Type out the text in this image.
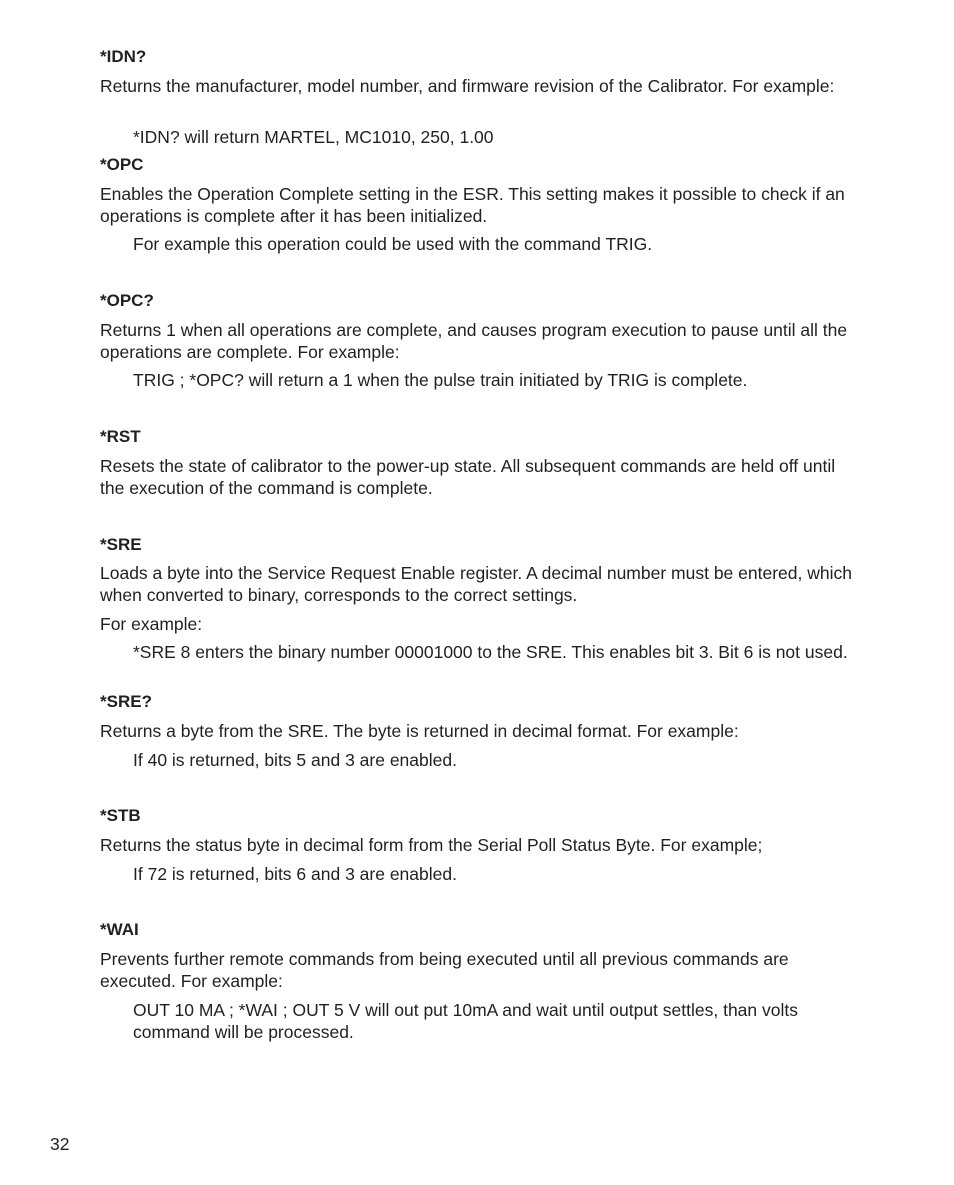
*IDN?
Returns the manufacturer, model number, and firmware revision of the Calibrator. For example:
*IDN? will return MARTEL, MC1010, 250, 1.00
*OPC
Enables the Operation Complete setting in the ESR. This setting makes it possible to check if an operations is complete after it has been initialized.
For example this operation could be used with the command TRIG.
*OPC?
Returns 1 when all operations are complete, and causes program execution to pause until all the operations are complete. For example:
TRIG ; *OPC? will return a 1 when the pulse train initiated by TRIG is complete.
*RST
Resets the state of calibrator to the power-up state. All subsequent commands are held off until the execution of the command is complete.
*SRE
Loads a byte into the Service Request Enable register. A decimal number must be entered, which when converted to binary, corresponds to the correct settings.
For example:
*SRE 8 enters the binary number 00001000 to the SRE. This enables bit 3. Bit 6 is not used.
*SRE?
Returns a byte from the SRE. The byte is returned in decimal format. For example:
If 40 is returned, bits 5 and 3 are enabled.
*STB
Returns the status byte in decimal form from the Serial Poll Status Byte. For example;
If 72 is returned, bits 6 and 3 are enabled.
*WAI
Prevents further remote commands from being executed until all previous commands are executed. For example:
OUT 10 MA ; *WAI ; OUT 5 V will out put 10mA and wait until output settles, than volts command will be processed.
32
